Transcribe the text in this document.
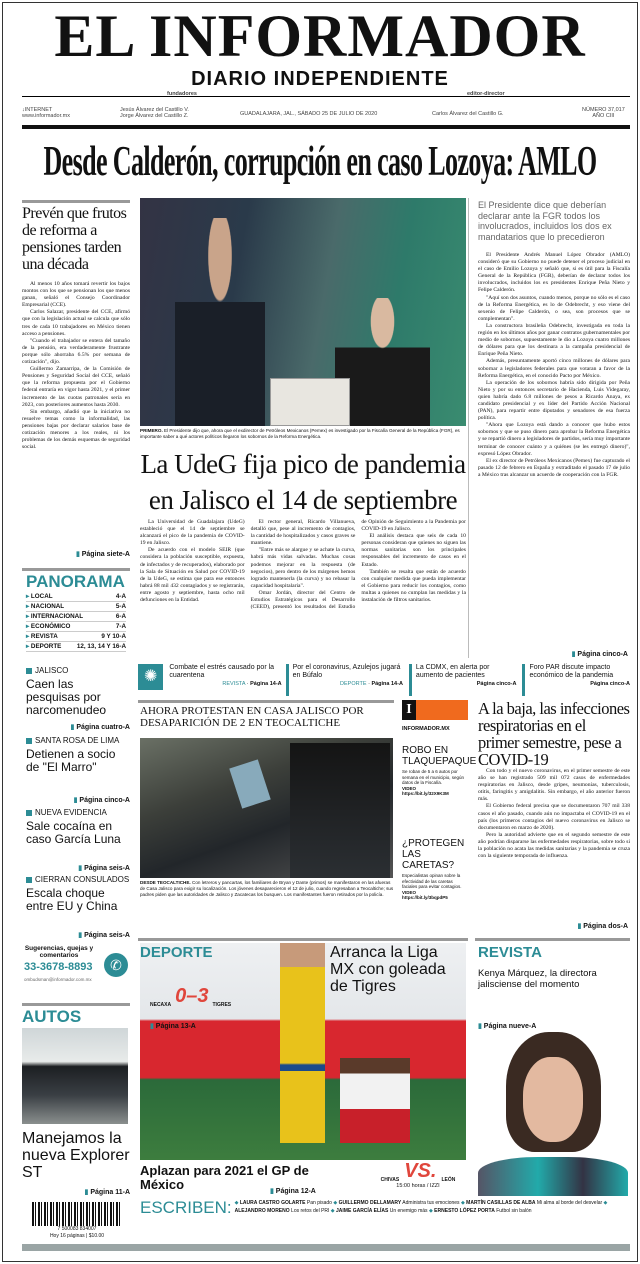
EL INFORMADOR
DIARIO INDEPENDIENTE
fundadores	editor-director
↓INTERNET
www.informador.mx
Jesús Álvarez del Castillo V.
Jorge Álvarez del Castillo Z.	GUADALAJARA, JAL., SÁBADO 25 DE JULIO DE 2020	Carlos Álvarez del Castillo G.
NÚMERO 37,017
AÑO CIII
Desde Calderón, corrupción en caso Lozoya: AMLO
Prevén que frutos de reforma a pensiones tarden una década

Al menos 10 años tomará revertir los bajos montos con los que se pensionan los que menos ganan, señaló el Consejo Coordinador Empresarial (CCE).

Carlos Salazar, presidente del CCE, afirmó que con la legislación actual se calcula que sólo tres de cada 10 trabajadores en México tienen acceso a pensiones.

"Cuando el trabajador se entera del tamaño de la pensión, era verdaderamente frustrante porque sólo ahorraba 6.5% por semana de cotización", dijo.

Guillermo Zamarripa, de la Comisión de Pensiones y Seguridad Social del CCE, señaló que la reforma propuesta por el Gobierno federal entraría en vigor hasta 2021, y el primer incremento de las cuotas patronales sería en 2023, con posteriores aumentos hasta 2030.

Sin embargo, añadió que la iniciativa no resuelve temas como la informalidad, las pensiones bajas por declarar salarios base de cotización menores a los reales, ni los problemas de los demás esquemas de seguridad social.

▮ Página siete-A
PANORAMA
▸ LOCAL	4-A
▸ NACIONAL	5-A
▸ INTERNACIONAL	6-A
▸ ECONÓMICO	7-A
▸ REVISTA	9 Y 10-A
▸ DEPORTE 12, 13, 14 Y 16-A
JALISCO
Caen las pesquisas por narcomenudeo
▮ Página cuatro-A
SANTA ROSA DE LIMA
Detienen a socio de "El Marro"
▮ Página cinco-A
NUEVA EVIDENCIA
Sale cocaína en caso García Luna
▮ Página seis-A
CIERRAN CONSULADOS
Escala choque entre EU y China
▮ Página seis-A
Sugerencias, quejas y comentarios
33-3678-8893	✆
ombudsman@informador.com.mx
AUTOS
Manejamos la nueva Explorer ST
▮ Página 11-A
7 500083 834007
Hoy 16 páginas | $10.00
PRIMERO. El Presidente dijo que, ahora que el exdirector de Petróleos Mexicanos (Pemex) es investigado por la Fiscalía General de la República (FGR), es importante saber a qué actores políticos llegaron los sobornos de la Reforma Energética.
La UdeG fija pico de pandemia en Jalisco el 14 de septiembre

La Universidad de Guadalajara (UdeG) estableció que el 14 de septiembre se alcanzará el pico de la pandemia de COVID-19 en Jalisco.

De acuerdo con el modelo SEIR (que considera la población susceptible, expuesta, de infectados y de recuperados), elaborado por la Sala de Situación en Salud por COVID-19 de la UdeG, se estima que para ese entonces habrá 88 mil 432 contagiados y se registrarán, entre agosto y septiembre, hasta ocho mil defunciones en la Entidad.

El rector general, Ricardo Villanueva, detalló que, pese al incremento de contagios, la cantidad de hospitalizados y casos graves se mantiene.

"Entre más se alargue y se achate la curva, habrá más vidas salvadas. Muchas cosas podemos mejorar en la respuesta (de negocios), pero dentro de los márgenes hemos logrado mantenerla (la curva) y no rebasar la capacidad hospitalaria".

Omar Jordán, director del Centro de Estudios Estratégicos para el Desarrollo (CEED), presentó los resultados del Estudio de Opinión de Seguimiento a la Pandemia por COVID-19 en Jalisco.

El análisis destaca que seis de cada 10 personas consideran que quienes no siguen las normas sanitarias son los principales responsables del incremento de casos en el Estado.

También se resalta que están de acuerdo con cualquier medida que pueda implementar el Gobierno para reducir los contagios, como multas a quienes no cumplan las medidas y la instalación de filtros sanitarios.

El Presidente dice que deberían declarar ante la FGR todos los involucrados, incluidos los dos ex mandatarios que lo precedieron

El Presidente Andrés Manuel López Obrador (AMLO) consideró que su Gobierno no puede detener el proceso judicial en el caso de Emilio Lozoya y señaló que, si es útil para la Fiscalía General de la República (FGR), deberían de declarar todos los involucrados, incluidos los ex presidentes Enrique Peña Nieto y Felipe Calderón.

"Aquí son dos asuntos, cuando menos, porque no sólo es el caso de la Reforma Energética, es lo de Odebrecht, y eso viene del sexenio de Felipe Calderón, o sea, son procesos que se complementan".

La constructora brasileña Odebrecht, investigada en toda la región en los últimos años por ganar contratos gubernamentales por medio de sobornos, supuestamente le dio a Lozoya cuatro millones de dólares para que los destinara a la campaña presidencial de Enrique Peña Nieto.

Además, presuntamente aportó cinco millones de dólares para sobornar a legisladores federales para que votaran a favor de la Reforma Energética, en el conocido Pacto por México.

La operación de los sobornos habría sido dirigida por Peña Nieto y por su entonces secretario de Hacienda, Luis Videgaray, quien habría dado 6.8 millones de pesos a Ricardo Anaya, ex candidato presidencial y ex líder del Partido Acción Nacional (PAN), para repartir entre diputados y senadores de esa fuerza política.

"Ahora que Lozoya está dando a conocer que hubo estos sobornos y que se puso dinero para aprobar la Reforma Energética y se repartió dinero a legisladores de partidos, sería muy importante terminar de conocer cuánto y a quiénes (se les entregó dinero)", expresó López Obrador.

El ex director de Petróleos Mexicanos (Pemex) fue capturado el pasado 12 de febrero en España y extraditado el pasado 17 de julio a México tras alcanzar un acuerdo de cooperación con la FGR.

▮ Página cinco-A
✺
Combate el estrés causado por la cuarentena
REVISTA · Página 14-A
Por el coronavirus, Azulejos jugará en Búfalo
DEPORTE · Página 14-A
La CDMX, en alerta por aumento de pacientes
Página cinco-A
Foro PAR discute impacto económico de la pandemia
Página cinco-A
AHORA PROTESTAN EN CASA JALISCO POR DESAPARICIÓN DE 2 EN TEOCALTICHE
DESDE TEOCALTICHE. Con letreros y pancartas, los familiares de Bryan y Dante (primos) se manifestaron en las afueras de Casa Jalisco para exigir su localización. Los jóvenes desaparecieron el 12 de julio, cuando regresaban a Teocaltiche; sus padres piden que las autoridades de Jalisco y Zacatecas los busquen. Los manifestantes fueron retirados por la policía.
I
INFORMADOR.MX
ROBO EN TLAQUEPAQUE
Se roban de 5 a 6 autos por semana en el municipio, según datos de la Fiscalía.
VIDEO
https://bit.ly/32X9K3M
¿PROTEGEN LAS CARETAS?
Especialistas opinan sobre la efectividad de las caretas faciales para evitar contagios.
VIDEO
https://bit.ly/3bqpdP5
A la baja, las infecciones respiratorias en el primer semestre, pese a COVID-19

Con todo y el nuevo coronavirus, en el primer semestre de este año se han registrado 509 mil 072 casos de enfermedades respiratorias en Jalisco, desde gripes, neumonías, tuberculosis, otitis, faringitis y amigdalitis. Sin embargo, el año anterior fueron más.

El Gobierno federal precisa que se documentaron 707 mil 338 casos el año pasado, cuando aún no impactaba el COVID-19 en el país (los primeros contagios del nuevo coronavirus en Jalisco se documentaron en marzo de 2020).

Pero la autoridad advierte que en el segundo semestre de este año podrían dispararse las enfermedades respiratorias, sobre todo si la población no acata las medidas sanitarias y la pandemia se cruza con la siguiente temporada de influenza.

▮ Página dos-A
DEPORTE	Arranca la Liga MX con goleada de Tigres
NECAXA 0–3 TIGRES
▮ Página 13-A
Aplazan para 2021 el GP de México	▮ Página 12-A
CHIVAS VS. LEÓN
15:00 horas / IZZI
REVISTA
Kenya Márquez, la directora jalisciense del momento
▮ Página nueve-A
ESCRIBEN: ◆ LAURA CASTRO GOLARTE Pan pisado ◆ GUILLERMO DELLAMARY Administra tus emociones ◆ MARTÍN CASILLAS DE ALBA Mi alma al borde del desvelar ◆ ALEJANDRO MORENO Los retos del PRI ◆ JAIME GARCÍA ELÍAS Un enemigo más ◆ ERNESTO LÓPEZ PORTA Futbol sin balón
